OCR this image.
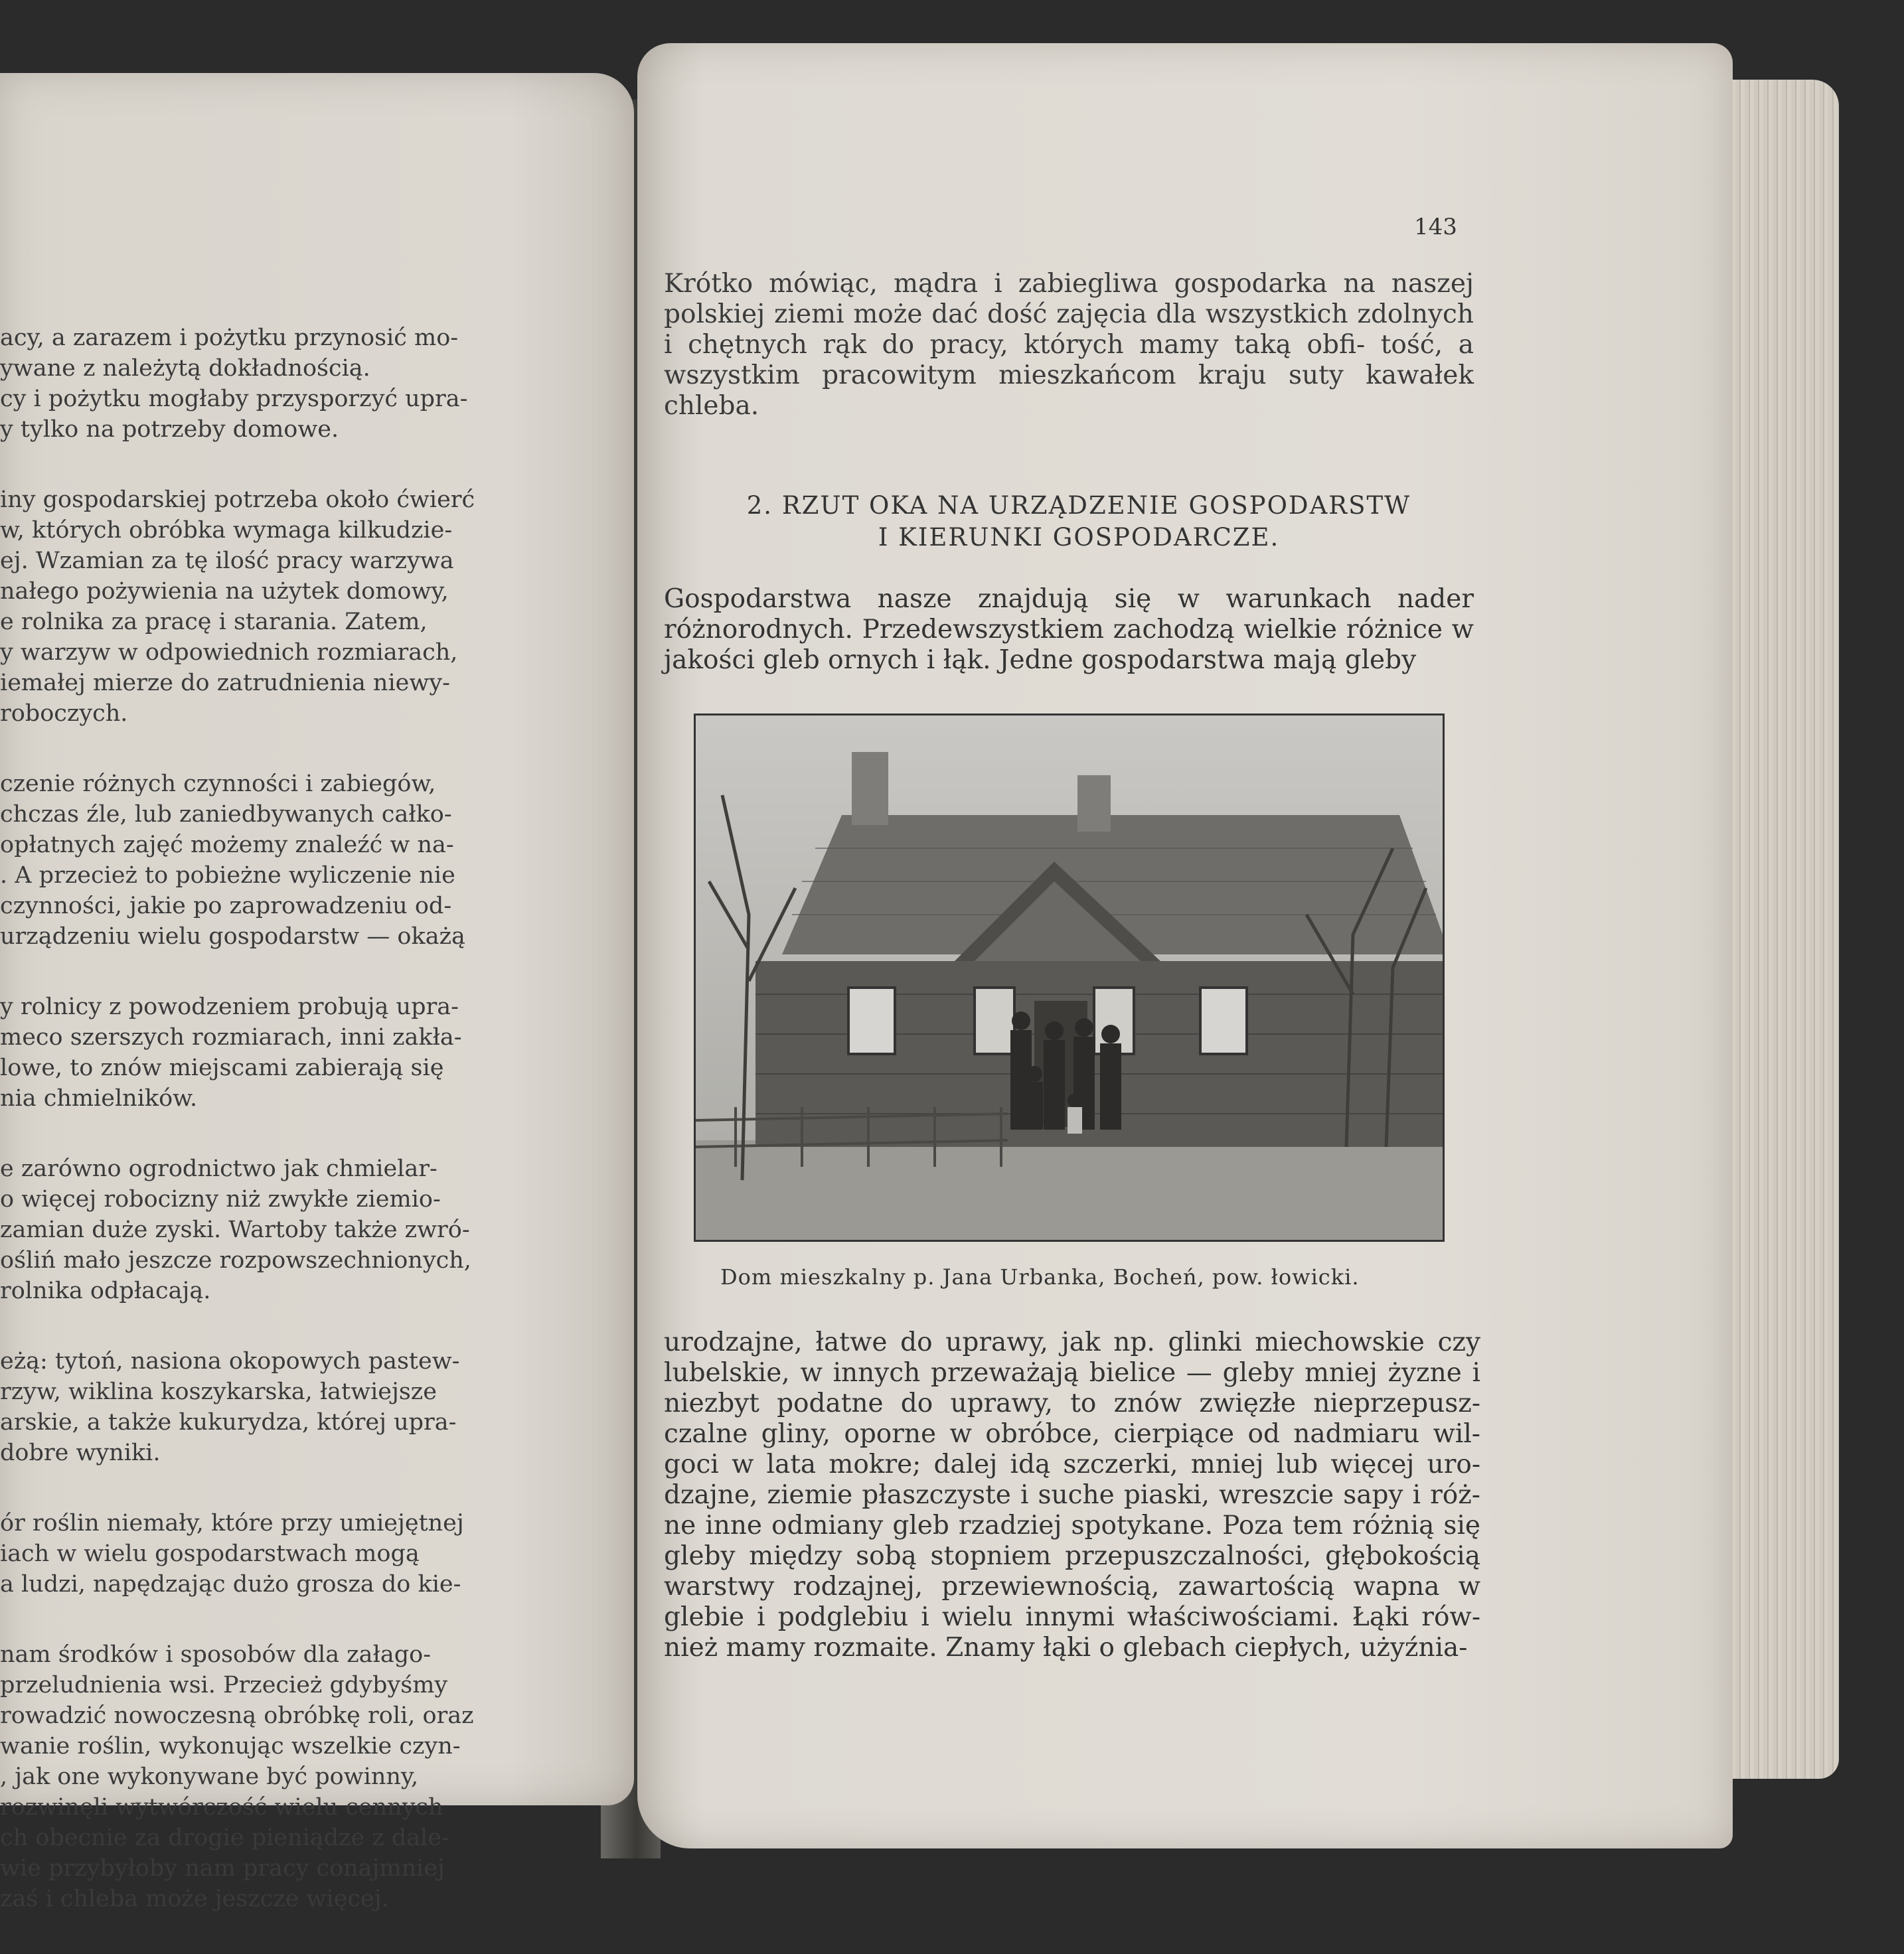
acy, a zarazem i pożytku przynosić mo-
ywane z należytą dokładnością.
cy i pożytku mogłaby przysporzyć upra-
y tylko na potrzeby domowe.

iny gospodarskiej potrzeba około ćwierć
w, których obróbka wymaga kilkudzie-
ej. Wzamian za tę ilość pracy warzywa
nałego pożywienia na użytek domowy,
e rolnika za pracę i starania. Zatem,
y warzyw w odpowiednich rozmiarach,
iemałej mierze do zatrudnienia niewy-
roboczych.

czenie różnych czynności i zabiegów,
chczas źle, lub zaniedbywanych całko-
opłatnych zajęć możemy znaleźć w na-
. A przecież to pobieżne wyliczenie nie
czynności, jakie po zaprowadzeniu od-
urządzeniu wielu gospodarstw — okażą

y rolnicy z powodzeniem probują upra-
meco szerszych rozmiarach, inni zakła-
lowe, to znów miejscami zabierają się
nia chmielników.

e zarówno ogrodnictwo jak chmielar-
o więcej robocizny niż zwykłe ziemio-
zamian duże zyski. Wartoby także zwró-
ośliń mało jeszcze rozpowszechnionych,
rolnika odpłacają.

eżą: tytoń, nasiona okopowych pastew-
rzyw, wiklina koszykarska, łatwiejsze
arskie, a także kukurydza, której upra-
dobre wyniki.

ór roślin niemały, które przy umiejętnej
iach w wielu gospodarstwach mogą
a ludzi, napędzając dużo grosza do kie-

nam środków i sposobów dla załago-
przeludnienia wsi. Przecież gdybyśmy
rowadzić nowoczesną obróbkę roli, oraz
wanie roślin, wykonując wszelkie czyn-
, jak one wykonywane być powinny,
rozwinęli wytwórczość wielu cennych
ch obecnie za drogie pieniądze z dale-
wie przybyłoby nam pracy conajmniej
zaś i chleba może jeszcze więcej.

143
Krótko mówiąc, mądra i zabiegliwa gospodarka na naszej polskiej ziemi może dać dość zajęcia dla wszystkich zdolnych i chętnych rąk do pracy, których mamy taką obfi- tość, a wszystkim pracowitym mieszkańcom kraju suty kawałek chleba.
2. RZUT OKA NA URZĄDZENIE GOSPODARSTW
I KIERUNKI GOSPODARCZE.
Gospodarstwa nasze znajdują się w warunkach nader różnorodnych. Przedewszystkiem zachodzą wielkie różnice w jakości gleb ornych i łąk. Jedne gospodarstwa mają gleby
Dom mieszkalny p. Jana Urbanka, Bocheń, pow. łowicki.
urodzajne, łatwe do uprawy, jak np. glinki miechowskie czy lubelskie, w innych przeważają bielice — gleby mniej żyzne i niezbyt podatne do uprawy, to znów zwięzłe nieprzepusz- czalne gliny, oporne w obróbce, cierpiące od nadmiaru wil- goci w lata mokre; dalej idą szczerki, mniej lub więcej uro- dzajne, ziemie płaszczyste i suche piaski, wreszcie sapy i róż- ne inne odmiany gleb rzadziej spotykane. Poza tem różnią się gleby między sobą stopniem przepuszczalności, głębokością warstwy rodzajnej, przewiewnością, zawartością wapna w glebie i podglebiu i wielu innymi właściwościami. Łąki rów- nież mamy rozmaite. Znamy łąki o glebach ciepłych, użyźnia-
